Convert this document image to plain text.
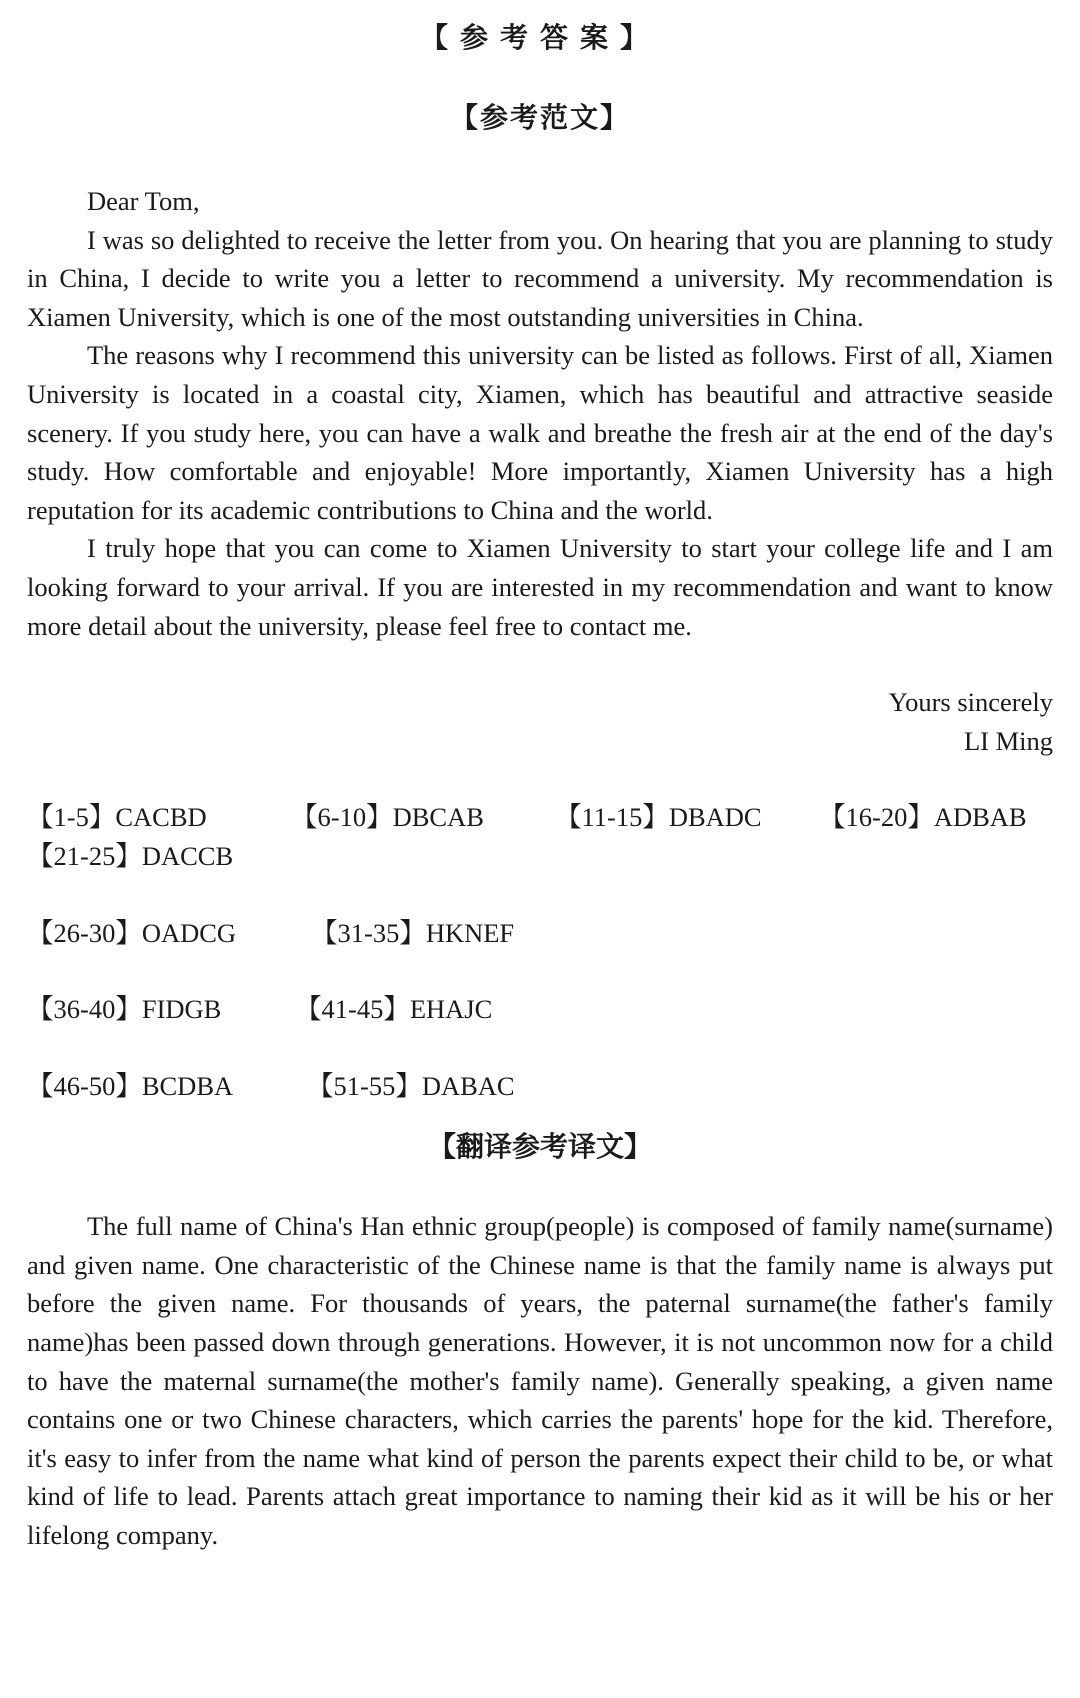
【参考答案】
【参考范文】
Dear Tom,

I was so delighted to receive the letter from you. On hearing that you are planning to study in China, I decide to write you a letter to recommend a university. My recommendation is Xiamen University, which is one of the most outstanding universities in China.

The reasons why I recommend this university can be listed as follows. First of all, Xiamen University is located in a coastal city, Xiamen, which has beautiful and attractive seaside scenery. If you study here, you can have a walk and breathe the fresh air at the end of the day's study. How comfortable and enjoyable! More importantly, Xiamen University has a high reputation for its academic contributions to China and the world.

I truly hope that you can come to Xiamen University to start your college life and I am looking forward to your arrival. If you are interested in my recommendation and want to know more detail about the university, please feel free to contact me.

Yours sincerely
LI Ming
【1-5】CACBD	【6-10】DBCAB	【11-15】DBADC	【16-20】ADBAB
【21-25】DACCB
【26-30】OADCG	【31-35】HKNEF
【36-40】FIDGB	【41-45】EHAJC
【46-50】BCDBA	【51-55】DABAC
【翻译参考译文】

The full name of China's Han ethnic group(people) is composed of family name(surname) and given name. One characteristic of the Chinese name is that the family name is always put before the given name. For thousands of years, the paternal surname(the father's family name)has been passed down through generations. However, it is not uncommon now for a child to have the maternal surname(the mother's family name). Generally speaking, a given name contains one or two Chinese characters, which carries the parents' hope for the kid. Therefore, it's easy to infer from the name what kind of person the parents expect their child to be, or what kind of life to lead. Parents attach great importance to naming their kid as it will be his or her lifelong company.
